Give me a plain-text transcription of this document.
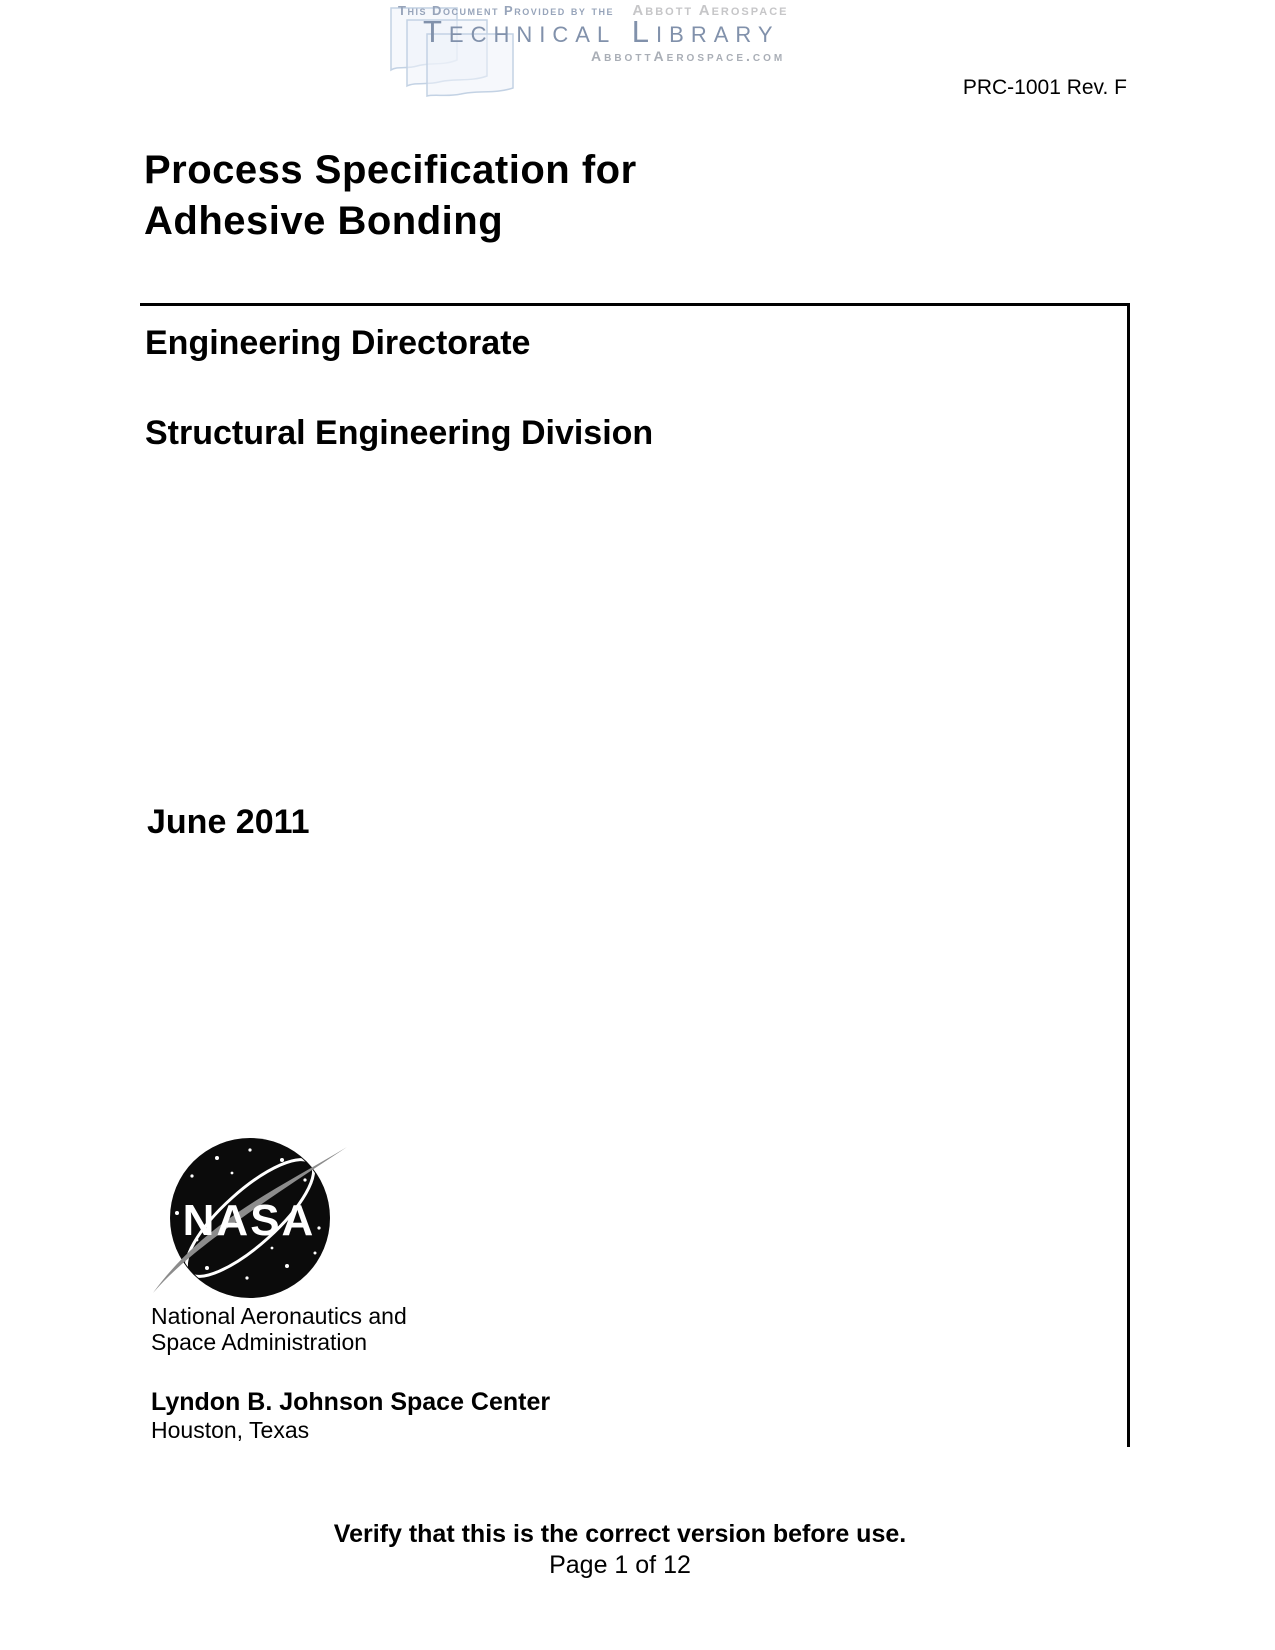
This Document Provided by the Abbott Aerospace
Technical Library
AbbottAerospace.com
PRC-1001 Rev. F
Process Specification for
Adhesive Bonding
Engineering Directorate
Structural Engineering Division
June 2011
NASA
National Aeronautics and
Space Administration
Lyndon B. Johnson Space Center
Houston, Texas
Verify that this is the correct version before use.
Page 1 of 12
